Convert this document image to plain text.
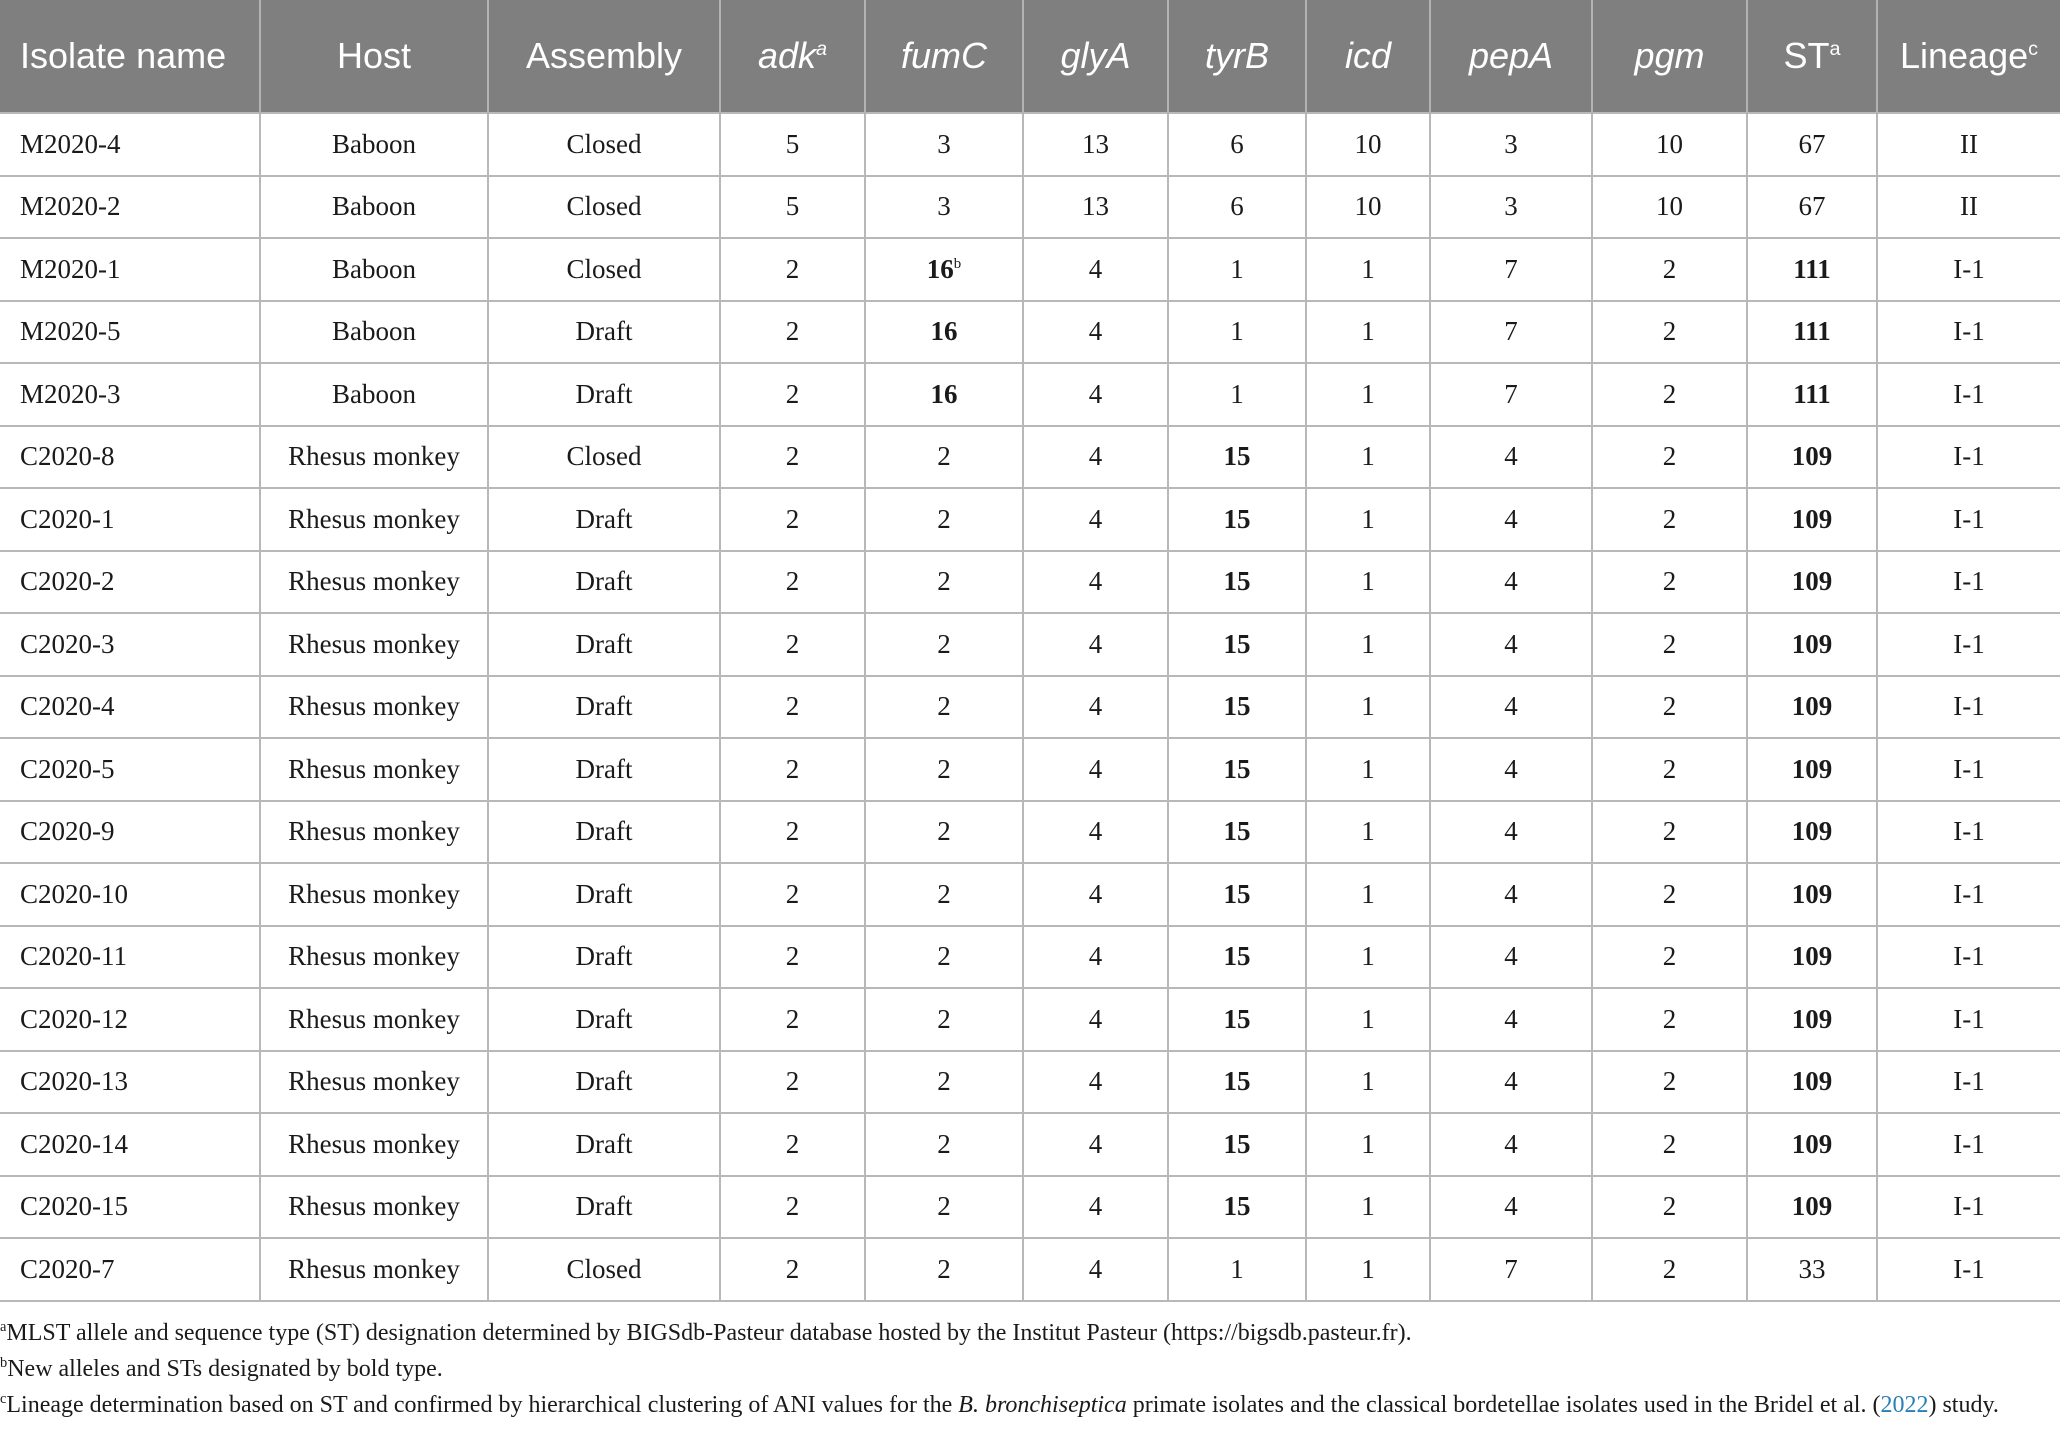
Isolate name	Host	Assembly	adk$^a$	fumC	glyA	tyrB	icd	pepA	pgm	$ST^a$	Lineage$^c$
M2020-4	Baboon	Closed	5	3	13	6	10	3	10	67	II
M2020-2	Baboon	Closed	5	3	13	6	10	3	10	67	II
M2020-1	Baboon	Closed	2	16$^b$	4	1	1	7	2	111	I-1
M2020-5	Baboon	Draft	2	16	4	1	1	7	2	111	I-1
M2020-3	Baboon	Draft	2	16	4	1	1	7	2	111	I-1
C2020-8	Rhesus monkey	Closed	2	2	4	15	1	4	2	109	I-1
C2020-1	Rhesus monkey	Draft	2	2	4	15	1	4	2	109	I-1
C2020-2	Rhesus monkey	Draft	2	2	4	15	1	4	2	109	I-1
C2020-3	Rhesus monkey	Draft	2	2	4	15	1	4	2	109	I-1
C2020-4	Rhesus monkey	Draft	2	2	4	15	1	4	2	109	I-1
C2020-5	Rhesus monkey	Draft	2	2	4	15	1	4	2	109	I-1
C2020-9	Rhesus monkey	Draft	2	2	4	15	1	4	2	109	I-1
C2020-10	Rhesus monkey	Draft	2	2	4	15	1	4	2	109	I-1
C2020-11	Rhesus monkey	Draft	2	2	4	15	1	4	2	109	I-1
C2020-12	Rhesus monkey	Draft	2	2	4	15	1	4	2	109	I-1
C2020-13	Rhesus monkey	Draft	2	2	4	15	1	4	2	109	I-1
C2020-14	Rhesus monkey	Draft	2	2	4	15	1	4	2	109	I-1
C2020-15	Rhesus monkey	Draft	2	2	4	15	1	4	2	109	I-1
C2020-7	Rhesus monkey	Closed	2	2	4	1	1	7	2	33	I-1
$^a$MLST allele and sequence type (ST) designation determined by BIGSdb-Pasteur database hosted by the Institut Pasteur (https://bigsdb.pasteur.fr).
$^b$New alleles and STs designated by bold type.
$^c$Lineage determination based on ST and confirmed by hierarchical clustering of ANI values for the B. bronchiseptica primate isolates and the classical bordetellae isolates used in the Bridel et al. (2022) study.
